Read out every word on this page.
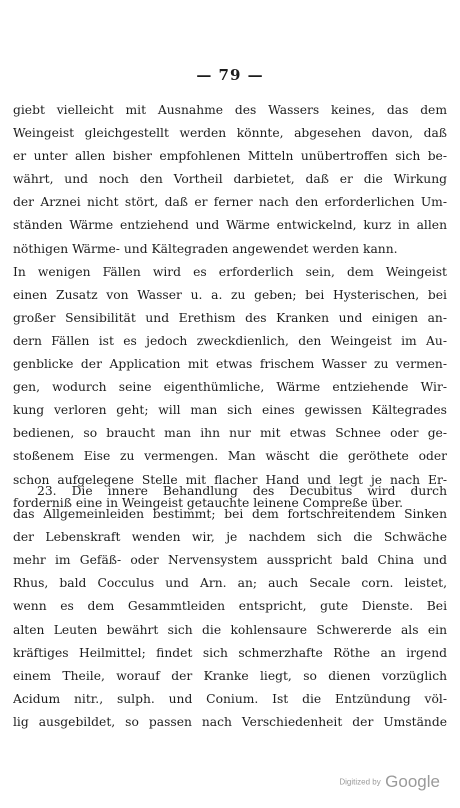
— 79 —
giebt vielleicht mit Ausnahme des Wassers keines, das dem
Weingeist gleichgestellt werden könnte, abgesehen davon, daß
er unter allen bisher empfohlenen Mitteln unübertroffen sich be-
währt, und noch den Vortheil darbietet, daß er die Wirkung
der Arznei nicht stört, daß er ferner nach den erforderlichen Um-
ständen Wärme entziehend und Wärme entwickelnd, kurz in allen
nöthigen Wärme- und Kältegraden angewendet werden kann.
In wenigen Fällen wird es erforderlich sein, dem Weingeist
einen Zusatz von Wasser u. a. zu geben; bei Hysterischen, bei
großer Sensibilität und Erethism des Kranken und einigen an-
dern Fällen ist es jedoch zweckdienlich, den Weingeist im Au-
genblicke der Application mit etwas frischem Wasser zu vermen-
gen, wodurch seine eigenthümliche, Wärme entziehende Wir-
kung verloren geht; will man sich eines gewissen Kältegrades
bedienen, so braucht man ihn nur mit etwas Schnee oder ge-
stoßenem Eise zu vermengen. Man wäscht die geröthete oder
schon aufgelegene Stelle mit flacher Hand und legt je nach Er-
forderniß eine in Weingeist getauchte leinene Compreße über.
23. Die innere Behandlung des Decubitus wird durch
das Allgemeinleiden bestimmt; bei dem fortschreitendem Sinken
der Lebenskraft wenden wir, je nachdem sich die Schwäche
mehr im Gefäß- oder Nervensystem ausspricht bald China und
Rhus, bald Cocculus und Arn. an; auch Secale corn. leistet,
wenn es dem Gesammtleiden entspricht, gute Dienste. Bei
alten Leuten bewährt sich die kohlensaure Schwererde als ein
kräftiges Heilmittel; findet sich schmerzhafte Röthe an irgend
einem Theile, worauf der Kranke liegt, so dienen vorzüglich
Acidum nitr., sulph. und Conium. Ist die Entzündung völ-
lig ausgebildet, so passen nach Verschiedenheit der Umstände
Digitized by Google
